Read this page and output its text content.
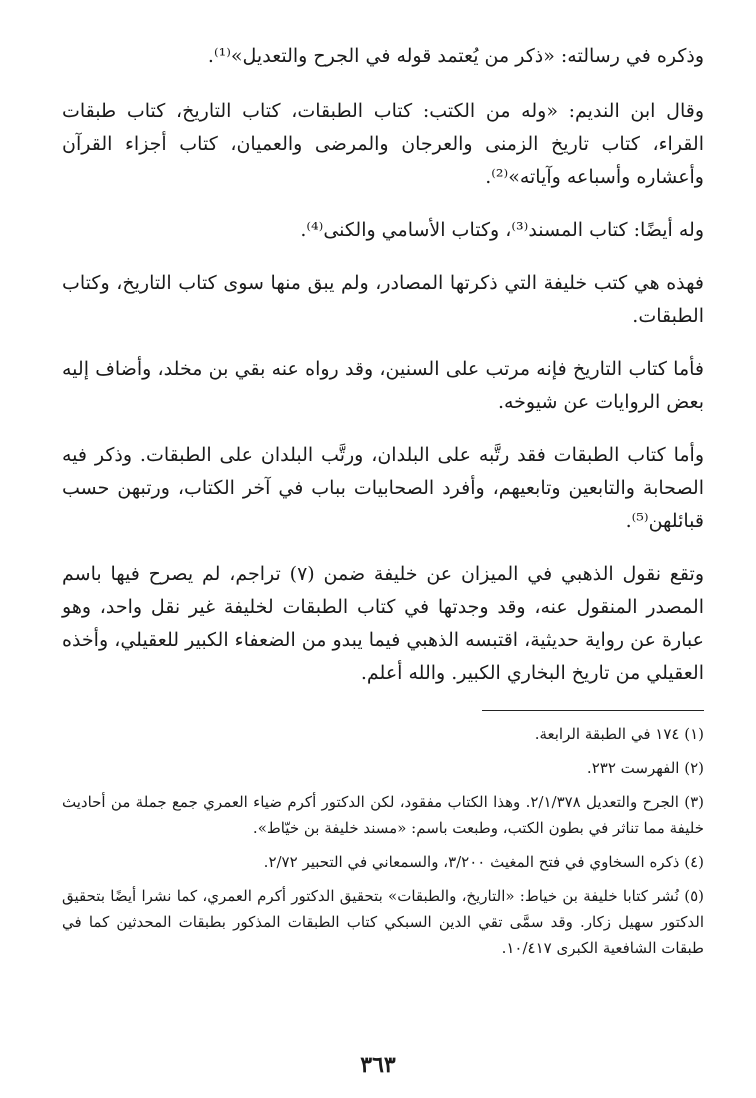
وذكره في رسالته: «ذكر من يُعتمد قوله في الجرح والتعديل»⁽¹⁾.

وقال ابن النديم: «وله من الكتب: كتاب الطبقات، كتاب التاريخ، كتاب طبقات القراء، كتاب تاريخ الزمنى والعرجان والمرضى والعميان، كتاب أجزاء القرآن وأعشاره وأسباعه وآياته»⁽²⁾.

وله أيضًا: كتاب المسند⁽³⁾، وكتاب الأسامي والكنى⁽⁴⁾.

فهذه هي كتب خليفة التي ذكرتها المصادر، ولم يبق منها سوى كتاب التاريخ، وكتاب الطبقات.

فأما كتاب التاريخ فإنه مرتب على السنين، وقد رواه عنه بقي بن مخلد، وأضاف إليه بعض الروايات عن شيوخه.

وأما كتاب الطبقات فقد رتَّبه على البلدان، ورتَّب البلدان على الطبقات. وذكر فيه الصحابة والتابعين وتابعيهم، وأفرد الصحابيات بباب في آخر الكتاب، ورتبهن حسب قبائلهن⁽⁵⁾.

وتقع نقول الذهبي في الميزان عن خليفة ضمن (٧) تراجم، لم يصرح فيها باسم المصدر المنقول عنه، وقد وجدتها في كتاب الطبقات لخليفة غير نقل واحد، وهو عبارة عن رواية حديثية، اقتبسه الذهبي فيما يبدو من الضعفاء الكبير للعقيلي، وأخذه العقيلي من تاريخ البخاري الكبير. والله أعلم.

(١) ١٧٤ في الطبقة الرابعة.

(٢) الفهرست ٢٣٢.

(٣) الجرح والتعديل ٢/١/٣٧٨. وهذا الكتاب مفقود، لكن الدكتور أكرم ضياء العمري جمع جملة من أحاديث خليفة مما تناثر في بطون الكتب، وطبعت باسم: «مسند خليفة بن خيّاط».

(٤) ذكره السخاوي في فتح المغيث ٣/٢٠٠، والسمعاني في التحبير ٢/٧٢.

(٥) نُشر كتابا خليفة بن خياط: «التاريخ، والطبقات» بتحقيق الدكتور أكرم العمري، كما نشرا أيضًا بتحقيق الدكتور سهيل زكار. وقد سمَّى تقي الدين السبكي كتاب الطبقات المذكور بطبقات المحدثين كما في طبقات الشافعية الكبرى ١٠/٤١٧.

٣٦٣
